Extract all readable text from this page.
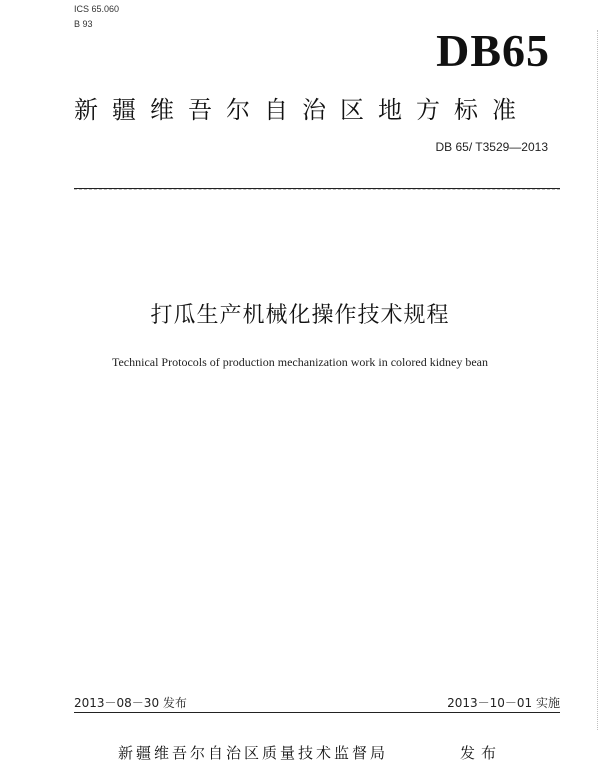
ICS 65.060
B 93
DB65
新疆维吾尔自治区地方标准
DB 65/ T3529—2013
打瓜生产机械化操作技术规程
Technical Protocols of production mechanization work in colored kidney bean
2013－08－30 发布	2013－10－01 实施
新疆维吾尔自治区质量技术监督局	发布
